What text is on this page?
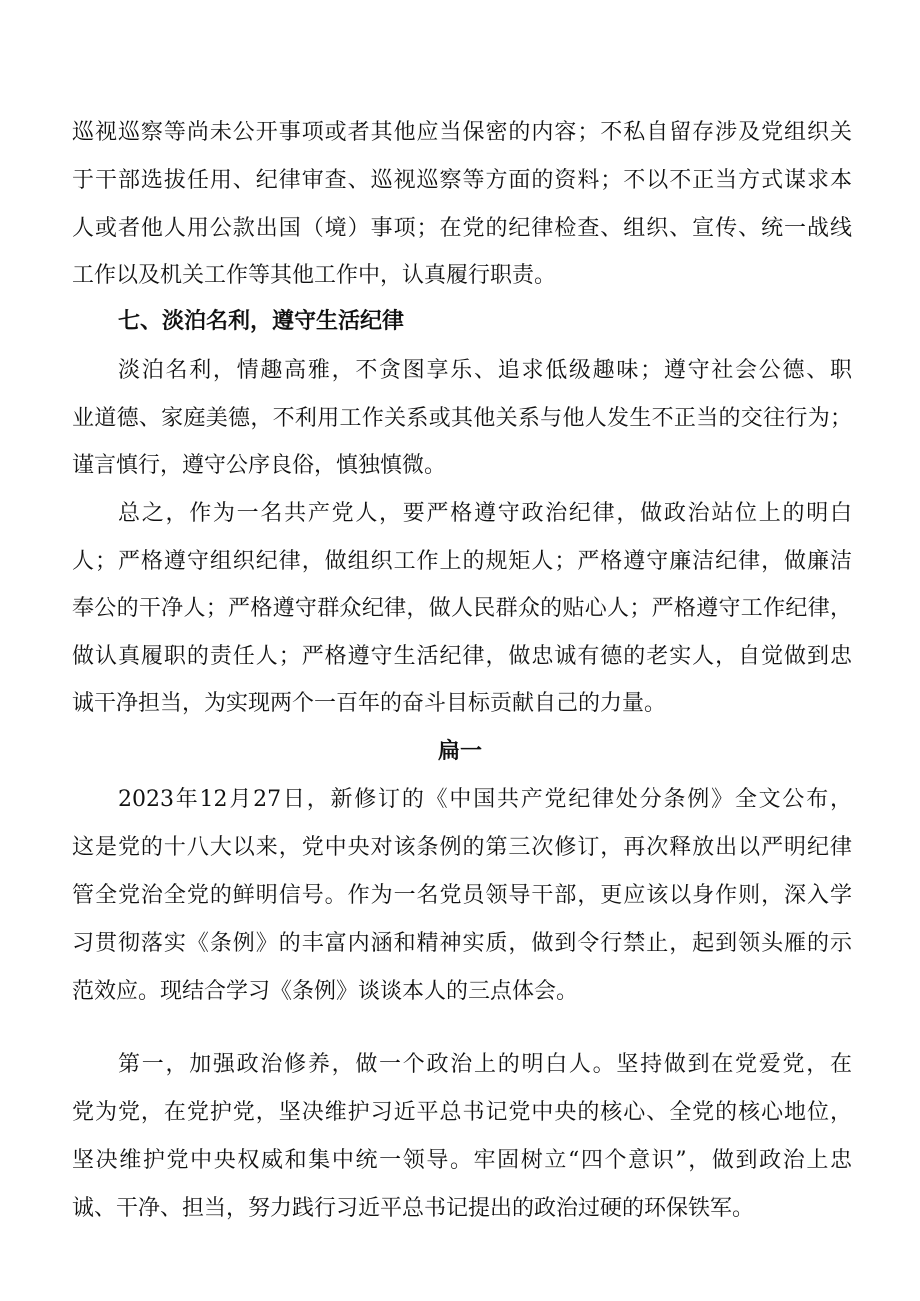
巡视巡察等尚未公开事项或者其他应当保密的内容；不私自留存涉及党组织关
于干部选拔任用、纪律审查、巡视巡察等方面的资料；不以不正当方式谋求本
人或者他人用公款出国（境）事项；在党的纪律检查、组织、宣传、统一战线
工作以及机关工作等其他工作中，认真履行职责。
七、淡泊名利，遵守生活纪律
淡泊名利，情趣高雅，不贪图享乐、追求低级趣味；遵守社会公德、职
业道德、家庭美德，不利用工作关系或其他关系与他人发生不正当的交往行为；
谨言慎行，遵守公序良俗，慎独慎微。
总之，作为一名共产党人，要严格遵守政治纪律，做政治站位上的明白
人；严格遵守组织纪律，做组织工作上的规矩人；严格遵守廉洁纪律，做廉洁
奉公的干净人；严格遵守群众纪律，做人民群众的贴心人；严格遵守工作纪律，
做认真履职的责任人；严格遵守生活纪律，做忠诚有德的老实人，自觉做到忠
诚干净担当，为实现两个一百年的奋斗目标贡献自己的力量。
扁一
2023年12月27日，新修订的《中国共产党纪律处分条例》全文公布，
这是党的十八大以来，党中央对该条例的第三次修订，再次释放出以严明纪律
管全党治全党的鲜明信号。作为一名党员领导干部，更应该以身作则，深入学
习贯彻落实《条例》的丰富内涵和精神实质，做到令行禁止，起到领头雁的示
范效应。现结合学习《条例》谈谈本人的三点体会。
第一，加强政治修养，做一个政治上的明白人。坚持做到在党爱党，在
党为党，在党护党，坚决维护习近平总书记党中央的核心、全党的核心地位，
坚决维护党中央权威和集中统一领导。牢固树立“四个意识”，做到政治上忠
诚、干净、担当，努力践行习近平总书记提出的政治过硬的环保铁军。
